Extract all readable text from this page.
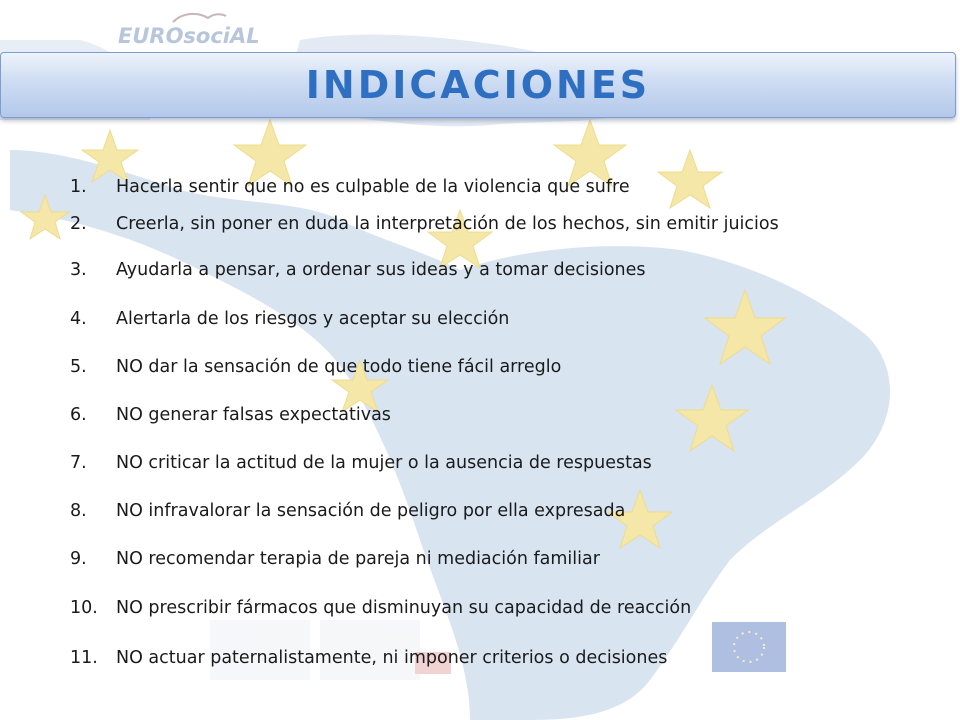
EUROsociAL
INDICACIONES
1. Hacerla sentir que no es culpable de la violencia que sufre
2. Creerla, sin poner en duda la interpretación de los hechos, sin emitir juicios
3. Ayudarla a pensar, a ordenar sus ideas y a tomar decisiones
4. Alertarla de los riesgos y aceptar su elección
5. NO dar la sensación de que todo tiene fácil arreglo
6. NO generar falsas expectativas
7. NO criticar la actitud de la mujer o la ausencia de respuestas
8. NO infravalorar la sensación de peligro por ella expresada
9. NO recomendar terapia de pareja ni mediación familiar
10. NO prescribir fármacos que disminuyan su capacidad de reacción
11. NO actuar paternalistamente, ni imponer criterios o decisiones
